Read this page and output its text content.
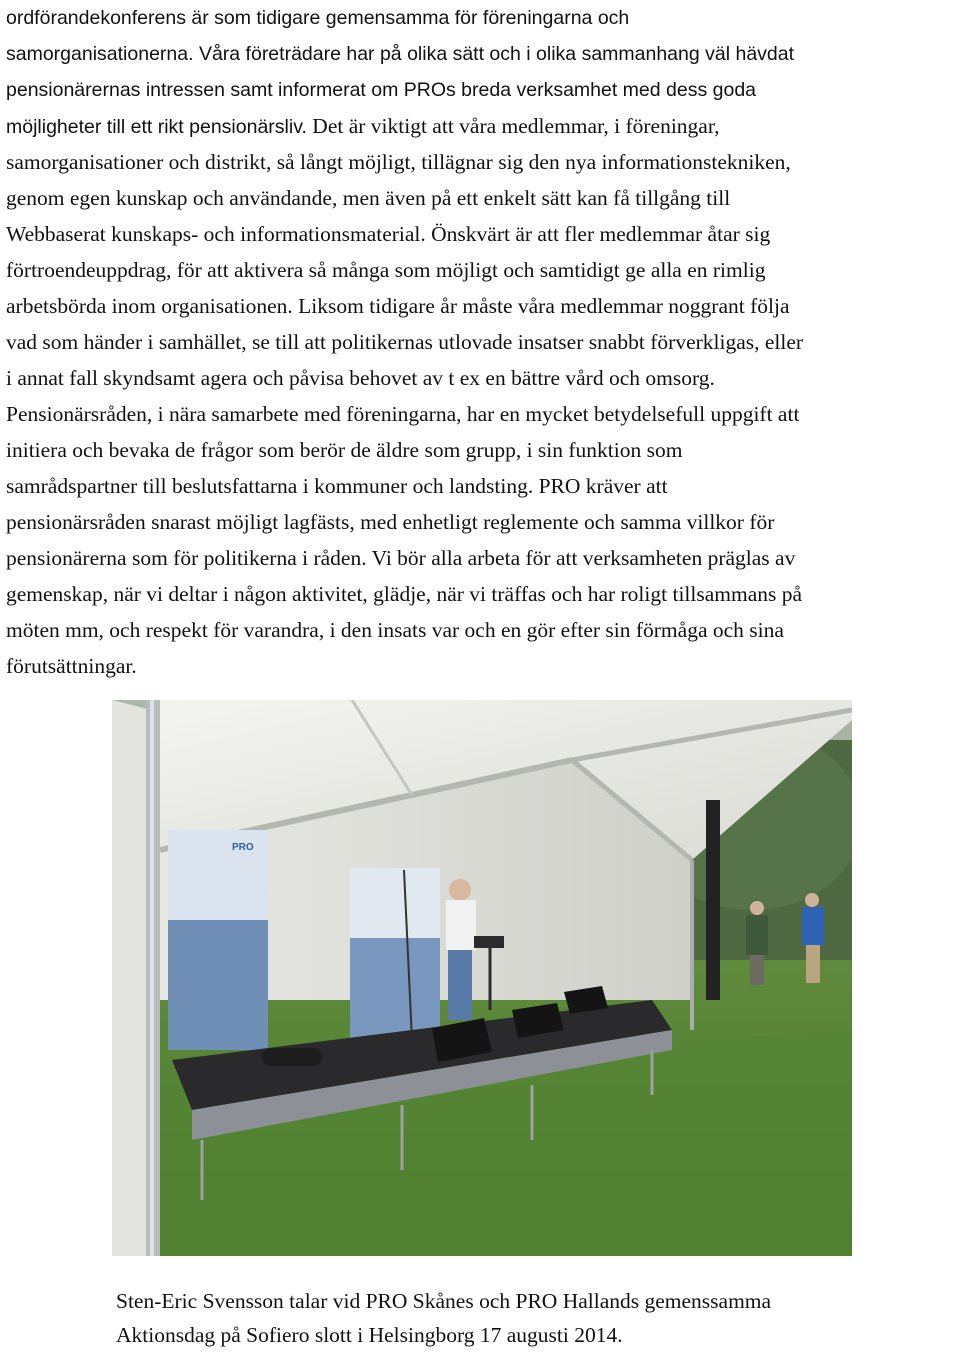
ordförandekonferens är som tidigare gemensamma för föreningarna och
samorganisationerna. Våra företrädare har på olika sätt och i olika sammanhang väl hävdat
pensionärernas intressen samt informerat om PROs breda verksamhet med dess goda
möjligheter till ett rikt pensionärsliv. Det är viktigt att våra medlemmar, i föreningar,
samorganisationer och distrikt, så långt möjligt, tillägnar sig den nya informationstekniken,
genom egen kunskap och användande, men även på ett enkelt sätt kan få tillgång till
Webbaserat kunskaps- och informationsmaterial. Önskvärt är att fler medlemmar åtar sig
förtroendeuppdrag, för att aktivera så många som möjligt och samtidigt ge alla en rimlig
arbetsbörda inom organisationen. Liksom tidigare år måste våra medlemmar noggrant följa
vad som händer i samhället, se till att politikernas utlovade insatser snabbt förverkligas, eller
i annat fall skyndsamt agera och påvisa behovet av t ex en bättre vård och omsorg.
Pensionärsråden, i nära samarbete med föreningarna, har en mycket betydelsefull uppgift att
initiera och bevaka de frågor som berör de äldre som grupp, i sin funktion som
samrådspartner till beslutsfattarna i kommuner och landsting. PRO kräver att
pensionärsråden snarast möjligt lagfästs, med enhetligt reglemente och samma villkor för
pensionärerna som för politikerna i råden. Vi bör alla arbeta för att verksamheten präglas av
gemenskap, när vi deltar i någon aktivitet, glädje, när vi träffas och har roligt tillsammans på
möten mm, och respekt för varandra, i den insats var och en gör efter sin förmåga och sina
förutsättningar.
PRO
Sten-Eric Svensson talar vid PRO Skånes och PRO Hallands gemenssamma
Aktionsdag på Sofiero slott i Helsingborg 17 augusti 2014.
